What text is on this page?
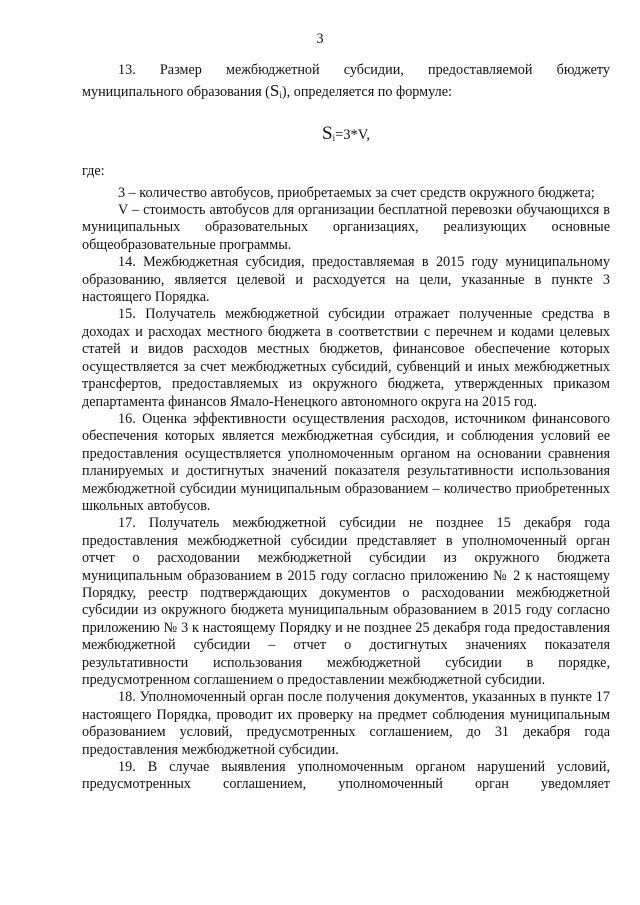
3

13. Размер межбюджетной субсидии, предоставляемой бюджету

муниципального образования $(S_i)$, определяется по формуле:

$S_i=3*V$,

где:

3 – количество автобусов, приобретаемых за счет средств окружного бюджета;

V – стоимость автобусов для организации бесплатной перевозки обучающихся в муниципальных образовательных организациях, реализующих основные общеобразовательные программы.

14. Межбюджетная субсидия, предоставляемая в 2015 году муниципальному образованию, является целевой и расходуется на цели, указанные в пункте 3 настоящего Порядка.

15. Получатель межбюджетной субсидии отражает полученные средства в доходах и расходах местного бюджета в соответствии с перечнем и кодами целевых статей и видов расходов местных бюджетов, финансовое обеспечение которых осуществляется за счет межбюджетных субсидий, субвенций и иных межбюджетных трансфертов, предоставляемых из окружного бюджета, утвержденных приказом департамента финансов Ямало-Ненецкого автономного округа на 2015 год.

16. Оценка эффективности осуществления расходов, источником финансового обеспечения которых является межбюджетная субсидия, и соблюдения условий ее предоставления осуществляется уполномоченным органом на основании сравнения планируемых и достигнутых значений показателя результативности использования межбюджетной субсидии муниципальным образованием – количество приобретенных школьных автобусов.

17. Получатель межбюджетной субсидии не позднее 15 декабря года предоставления межбюджетной субсидии представляет в уполномоченный орган отчет о расходовании межбюджетной субсидии из окружного бюджета муниципальным образованием в 2015 году согласно приложению № 2 к настоящему Порядку, реестр подтверждающих документов о расходовании межбюджетной субсидии из окружного бюджета муниципальным образованием в 2015 году согласно приложению № 3 к настоящему Порядку и не позднее 25 декабря года предоставления межбюджетной субсидии – отчет о достигнутых значениях показателя результативности использования межбюджетной субсидии в порядке, предусмотренном соглашением о предоставлении межбюджетной субсидии.

18. Уполномоченный орган после получения документов, указанных в пункте 17 настоящего Порядка, проводит их проверку на предмет соблюдения муниципальным образованием условий, предусмотренных соглашением, до 31 декабря года предоставления межбюджетной субсидии.

19. В случае выявления уполномоченным органом нарушений условий, предусмотренных соглашением, уполномоченный орган уведомляет
